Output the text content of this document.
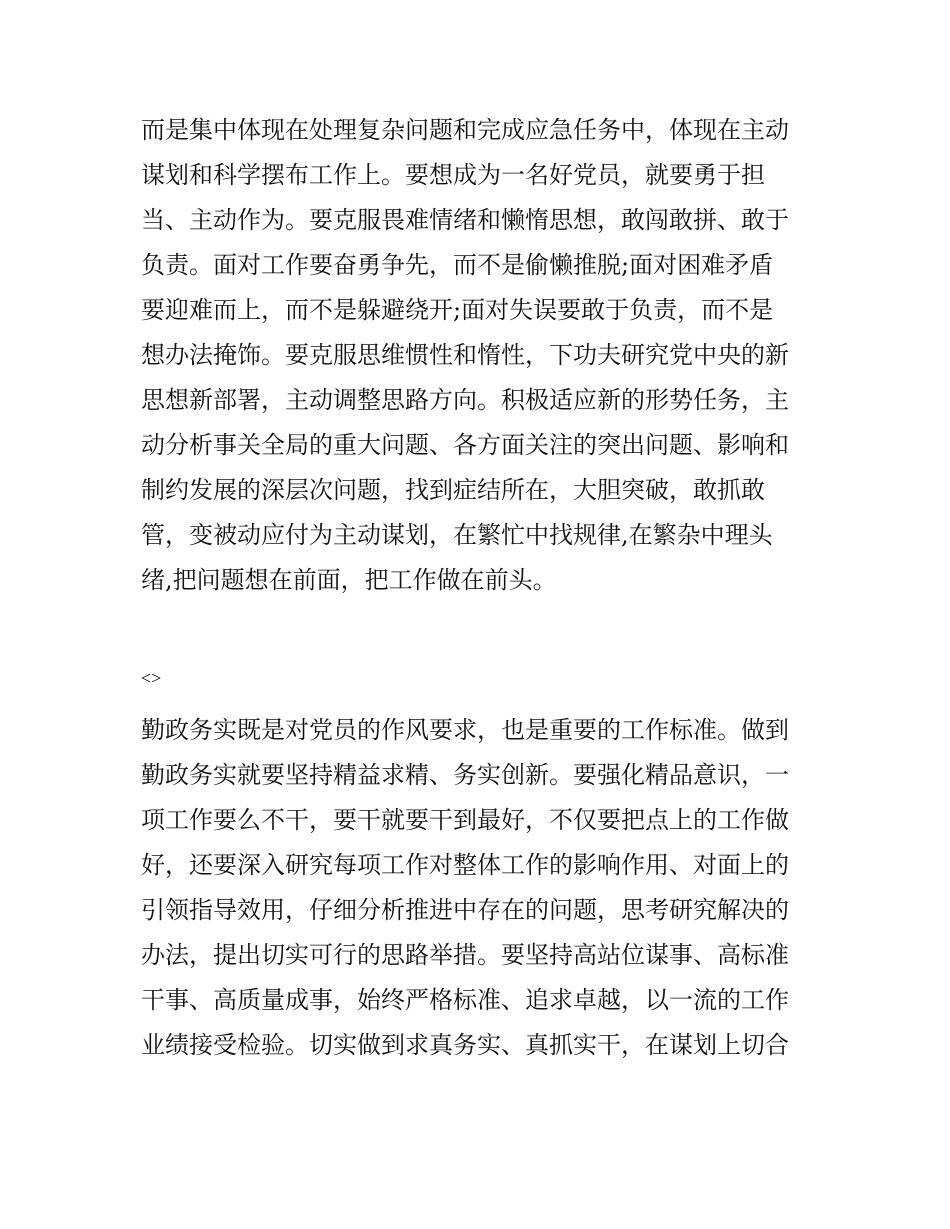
而是集中体现在处理复杂问题和完成应急任务中，体现在主动
谋划和科学摆布工作上。要想成为一名好党员，就要勇于担
当、主动作为。要克服畏难情绪和懒惰思想，敢闯敢拼、敢于
负责。面对工作要奋勇争先，而不是偷懒推脱;面对困难矛盾
要迎难而上，而不是躲避绕开;面对失误要敢于负责，而不是
想办法掩饰。要克服思维惯性和惰性，下功夫研究党中央的新
思想新部署，主动调整思路方向。积极适应新的形势任务，主
动分析事关全局的重大问题、各方面关注的突出问题、影响和
制约发展的深层次问题，找到症结所在，大胆突破，敢抓敢
管，变被动应付为主动谋划，在繁忙中找规律,在繁杂中理头
绪,把问题想在前面，把工作做在前头。
<>
勤政务实既是对党员的作风要求，也是重要的工作标准。做到
勤政务实就要坚持精益求精、务实创新。要强化精品意识，一
项工作要么不干，要干就要干到最好，不仅要把点上的工作做
好，还要深入研究每项工作对整体工作的影响作用、对面上的
引领指导效用，仔细分析推进中存在的问题，思考研究解决的
办法，提出切实可行的思路举措。要坚持高站位谋事、高标准
干事、高质量成事，始终严格标准、追求卓越，以一流的工作
业绩接受检验。切实做到求真务实、真抓实干，在谋划上切合
